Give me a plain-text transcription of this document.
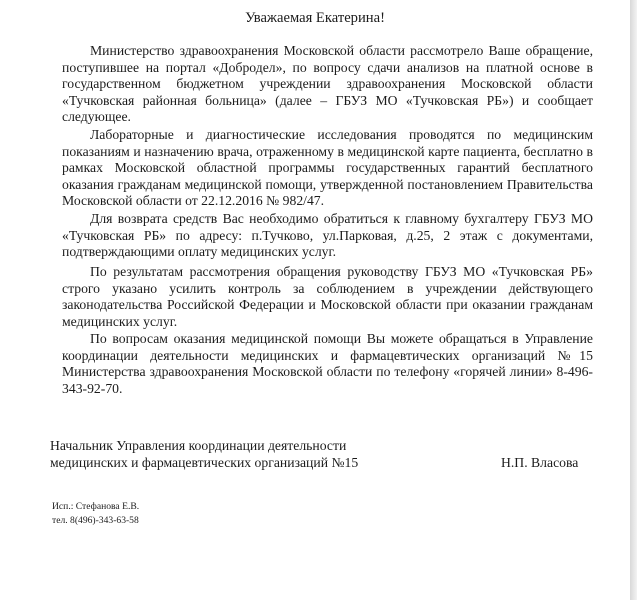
Уважаемая Екатерина!

Министерство здравоохранения Московской области рассмотрело Ваше обращение, поступившее на портал «Добродел», по вопросу сдачи анализов на платной основе в государственном бюджетном учреждении здравоохранения Московской области «Тучковская районная больница» (далее – ГБУЗ МО «Тучковская РБ») и сообщает следующее.

Лабораторные и диагностические исследования проводятся по медицинским показаниям и назначению врача, отраженному в медицинской карте пациента, бесплатно в рамках Московской областной программы государственных гарантий бесплатного оказания гражданам медицинской помощи, утвержденной постановлением Правительства Московской области от 22.12.2016 № 982/47.

Для возврата средств Вас необходимо обратиться к главному бухгалтеру ГБУЗ МО «Тучковская РБ» по адресу: п.Тучково, ул.Парковая, д.25, 2 этаж с документами, подтверждающими оплату медицинских услуг.

По результатам рассмотрения обращения руководству ГБУЗ МО «Тучковская РБ» строго указано усилить контроль за соблюдением в учреждении действующего законодательства Российской Федерации и Московской области при оказании гражданам медицинских услуг.

По вопросам оказания медицинской помощи Вы можете обращаться в Управление координации деятельности медицинских и фармацевтических организаций №15 Министерства здравоохранения Московской области по телефону «горячей линии» 8-496-343-92-70.

Начальник Управления координации деятельности
медицинских и фармацевтических организаций №15	Н.П. Власова
Исп.: Стефанова Е.В.
тел. 8(496)-343-63-58
